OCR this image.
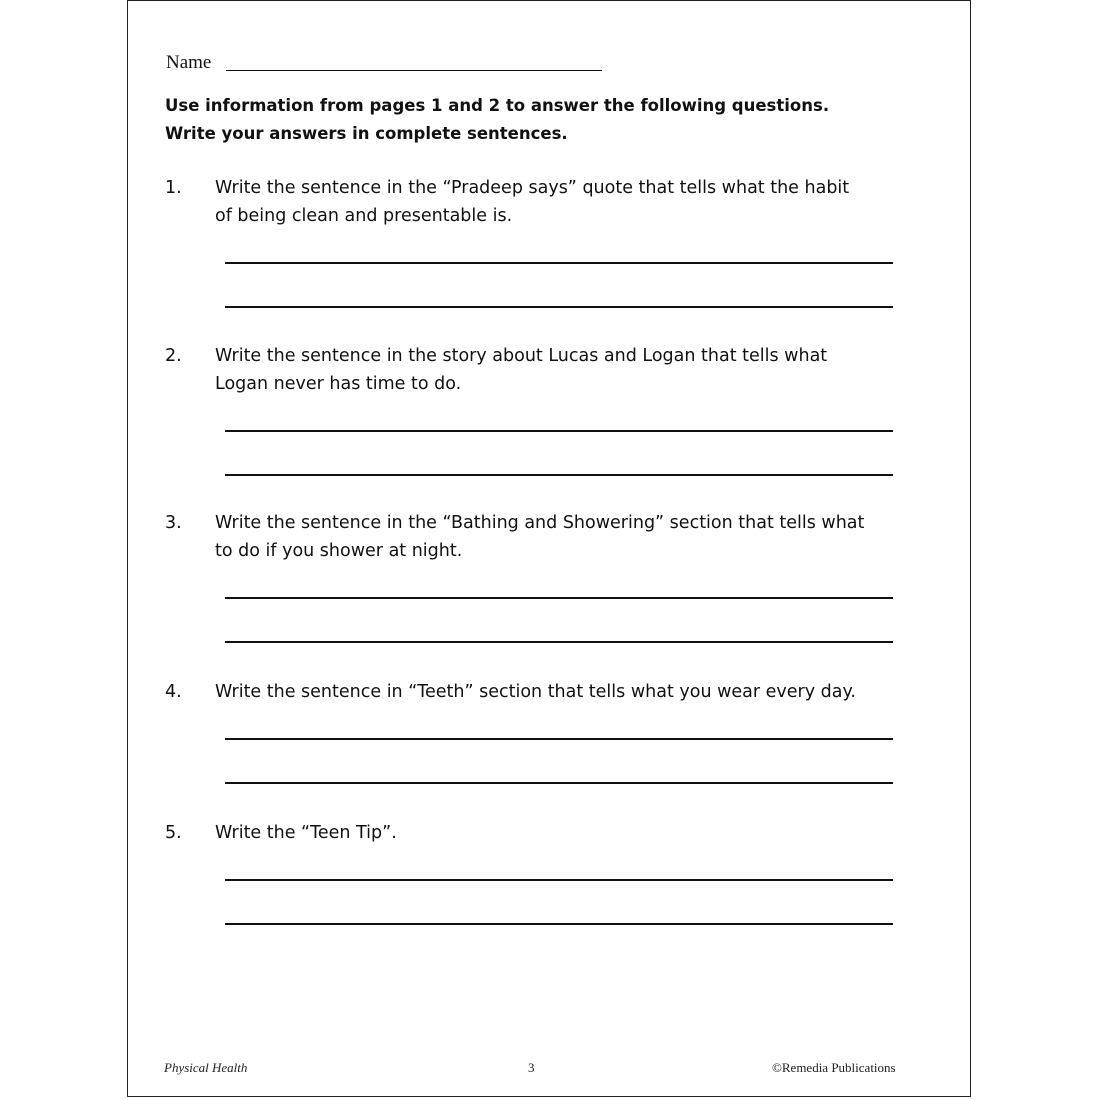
Name
Use information from pages 1 and 2 to answer the following questions.
Write your answers in complete sentences.
1. Write the sentence in the “Pradeep says” quote that tells what the habit
of being clean and presentable is.
2. Write the sentence in the story about Lucas and Logan that tells what
Logan never has time to do.
3. Write the sentence in the “Bathing and Showering” section that tells what
to do if you shower at night.
4. Write the sentence in “Teeth” section that tells what you wear every day.
5. Write the “Teen Tip”.
Physical Health	3	©Remedia Publications
